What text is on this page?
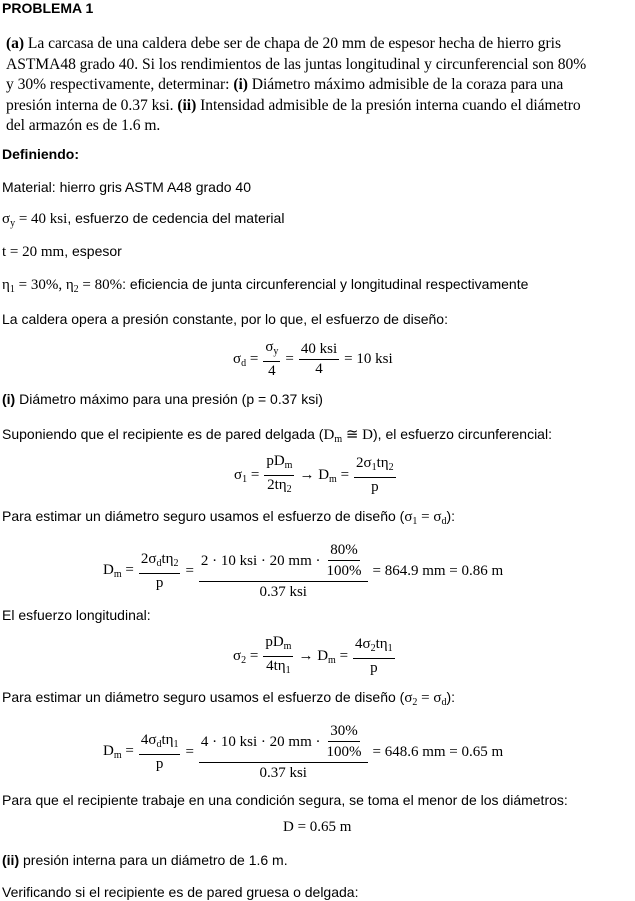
PROBLEMA 1

(a) La carcasa de una caldera debe ser de chapa de 20 mm de espesor hecha de hierro gris

ASTMA48 grado 40. Si los rendimientos de las juntas longitudinal y circunferencial son 80%

y 30% respectivamente, determinar: (i) Diámetro máximo admisible de la coraza para una

presión interna de 0.37 ksi. (ii) Intensidad admisible de la presión interna cuando el diámetro

del armazón es de 1.6 m.

Definiendo:
Material: hierro gris ASTM A48 grado 40
$\sigma_y = 40$ ksi, esfuerzo de cedencia del material
t = 20 mm, espesor
$\eta_1 = 30\%$, $\eta_2 = 80\%$: eficiencia de junta circunferencial y longitudinal respectivamente
La caldera opera a presión constante, por lo que, el esfuerzo de diseño:
$\sigma_d = \frac{\sigma_y}{4} = \frac{\text{40 ksi}}{4} = 10$ ksi
(i) Diámetro máximo para una presión (p = 0.37 ksi)
Suponiendo que el recipiente es de pared delgada ($D_m$ ≅ D), el esfuerzo circunferencial:
$\sigma_1 = \frac{pD_m}{2t\eta_2} \to D_m = \frac{2\sigma_1t\eta_2}{p}$
Para estimar un diámetro seguro usamos el esfuerzo de diseño $(\sigma_1 = \sigma_d)$:
$D_m = \frac{2\sigma_dt\eta_2}{p} = \frac{2 \cdot 10 ksi \cdot 20 mm \cdot \frac{80\%}{100\%}}{\text{0.37 ksi}} = 864.9$ mm = 0.86 m
El esfuerzo longitudinal:
$\sigma_2 = \frac{pD_m}{4t\eta_1} \to D_m = \frac{4\sigma_2t\eta_1}{p}$
Para estimar un diámetro seguro usamos el esfuerzo de diseño $(\sigma_2 = \sigma_d)$:
$D_m = \frac{4\sigma_dt\eta_1}{p} = \frac{4 \cdot 10 ksi \cdot 20 mm \cdot \frac{30\%}{100\%}}{\text{0.37 ksi}} = 648.6$ mm = 0.65 m
Para que el recipiente trabaje en una condición segura, se toma el menor de los diámetros:
D = 0.65 m
(ii) presión interna para un diámetro de 1.6 m.
Verificando si el recipiente es de pared gruesa o delgada:
